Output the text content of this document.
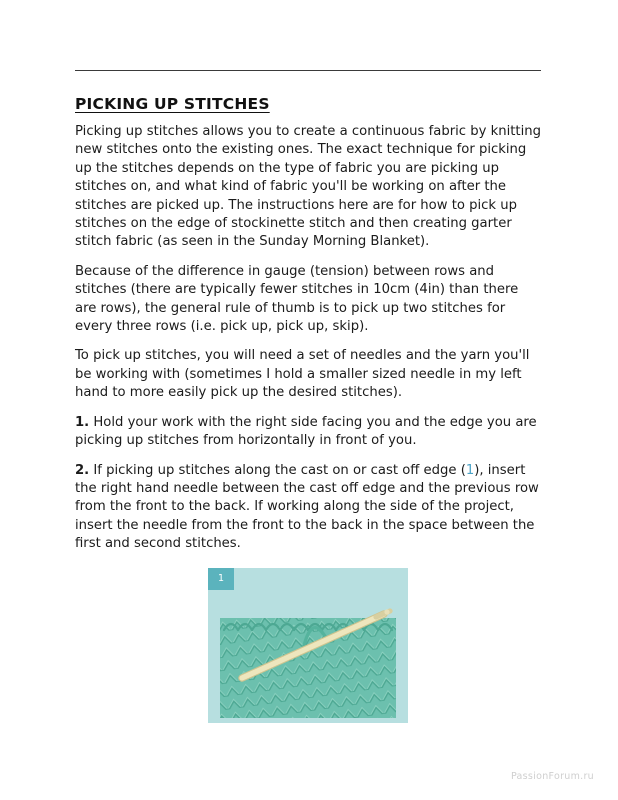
PICKING UP STITCHES

Picking up stitches allows you to create a continuous fabric by knitting new stitches onto the existing ones. The exact technique for picking up the stitches depends on the type of fabric you are picking up stitches on, and what kind of fabric you'll be working on after the stitches are picked up. The instructions here are for how to pick up stitches on the edge of stockinette stitch and then creating garter stitch fabric (as seen in the Sunday Morning Blanket).

Because of the difference in gauge (tension) between rows and stitches (there are typically fewer stitches in 10cm (4in) than there are rows), the general rule of thumb is to pick up two stitches for every three rows (i.e. pick up, pick up, skip).

To pick up stitches, you will need a set of needles and the yarn you'll be working with (sometimes I hold a smaller sized needle in my left hand to more easily pick up the desired stitches).

1. Hold your work with the right side facing you and the edge you are picking up stitches from horizontally in front of you.

2. If picking up stitches along the cast on or cast off edge (1), insert the right hand needle between the cast off edge and the previous row from the front to the back. If working along the side of the project, insert the needle from the front to the back in the space between the first and second stitches.

1
PassionForum.ru
